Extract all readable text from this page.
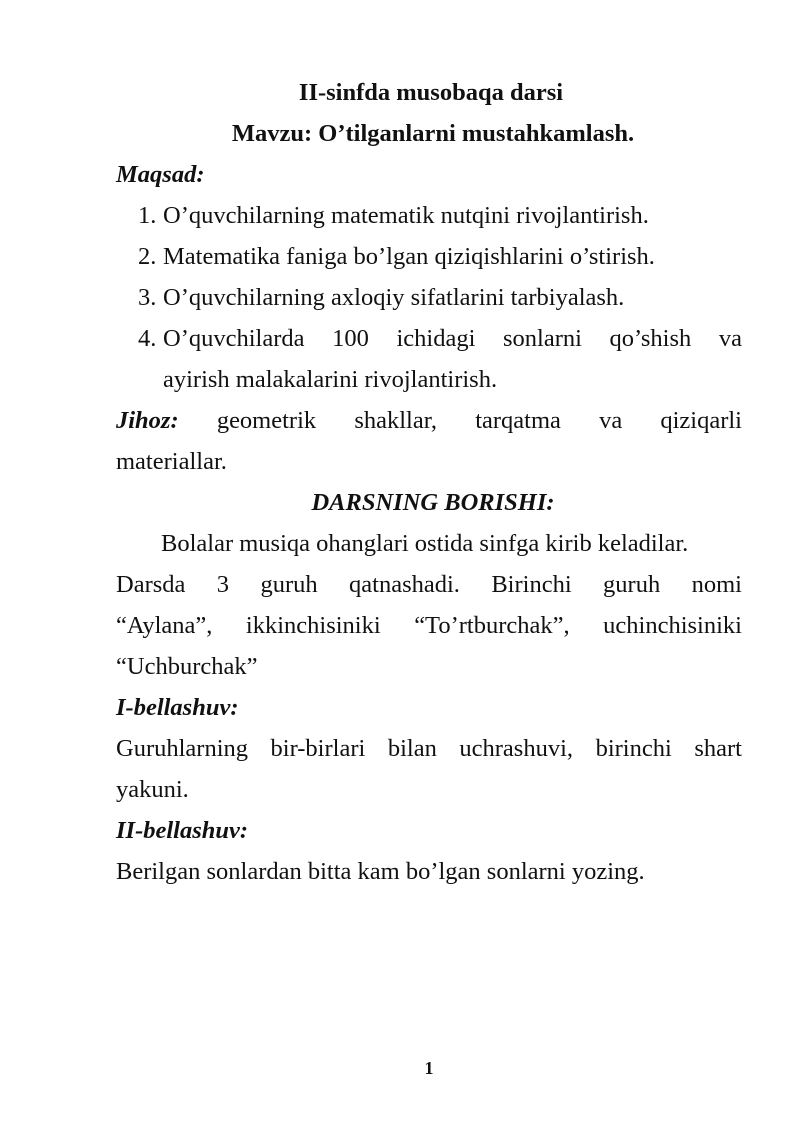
II-sinfda musobaqa darsi
Mavzu: O’tilganlarni mustahkamlash.
Maqsad:
1. O’quvchilarning matematik nutqini rivojlantirish.
2. Matematika faniga bo’lgan qiziqishlarini o’stirish.
3. O’quvchilarning axloqiy sifatlarini tarbiyalash.
4. O’quvchilarda 100 ichidagi sonlarni qo’shish va
ayirish malakalarini rivojlantirish.
Jihoz: geometrik shakllar, tarqatma va qiziqarli
materiallar.
DARSNING BORISHI:
Bolalar musiqa ohanglari ostida sinfga kirib keladilar.
Darsda 3 guruh qatnashadi. Birinchi guruh nomi
“Aylana”, ikkinchisiniki “To’rtburchak”, uchinchisiniki
“Uchburchak”
I-bellashuv:
Guruhlarning bir-birlari bilan uchrashuvi, birinchi shart
yakuni.
II-bellashuv:
Berilgan sonlardan bitta kam bo’lgan sonlarni yozing.
1
